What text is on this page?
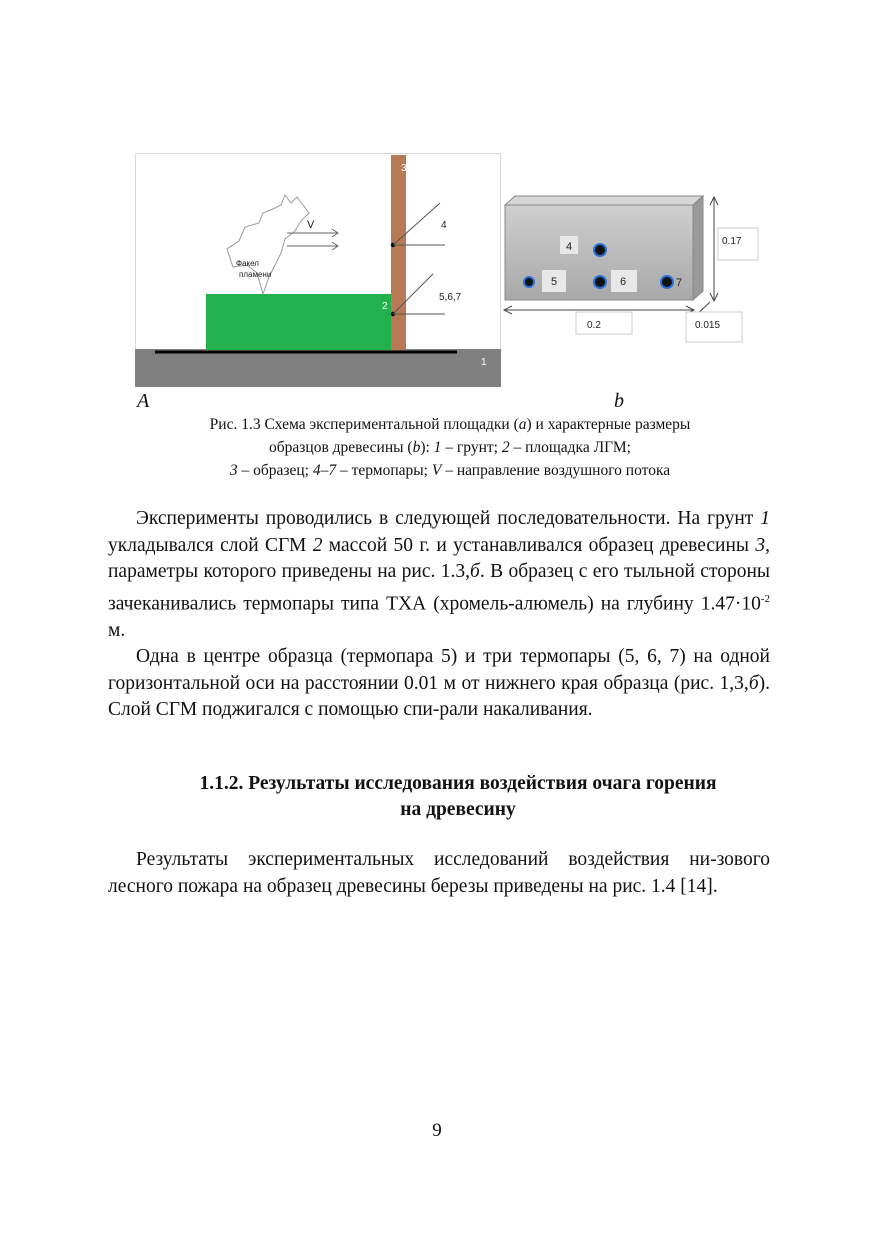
3
2
1
Факел
пламени
V	4
5,6,7
4
5	6	7
0.17
0.2	0.015
A	b
Рис. 1.3 Схема экспериментальной площадки (а) и характерные размеры
образцов древесины (b): 1 – грунт; 2 – площадка ЛГМ;
3 – образец; 4–7 – термопары; V – направление воздушного потока

Эксперименты проводились в следующей последовательности. На грунт 1 укладывался слой СГМ 2 массой 50 г. и устанавливался образец древесины 3, параметры которого приведены на рис. 1.3,б. В образец с его тыльной стороны зачеканивались термопары типа ТХА (хромель-алюмель) на глубину $1.47\cdot 10^{-2}$ м.

Одна в центре образца (термопара 5) и три термопары (5, 6, 7) на одной горизонтальной оси на расстоянии 0.01 м от нижнего края образца (рис. 1,3,б). Слой СГМ поджигался с помощью спи-рали накаливания.

1.1.2. Результаты исследования воздействия очага горения
на древесину

Результаты экспериментальных исследований воздействия ни-зового лесного пожара на образец древесины березы приведены на рис. 1.4 [14].

9
